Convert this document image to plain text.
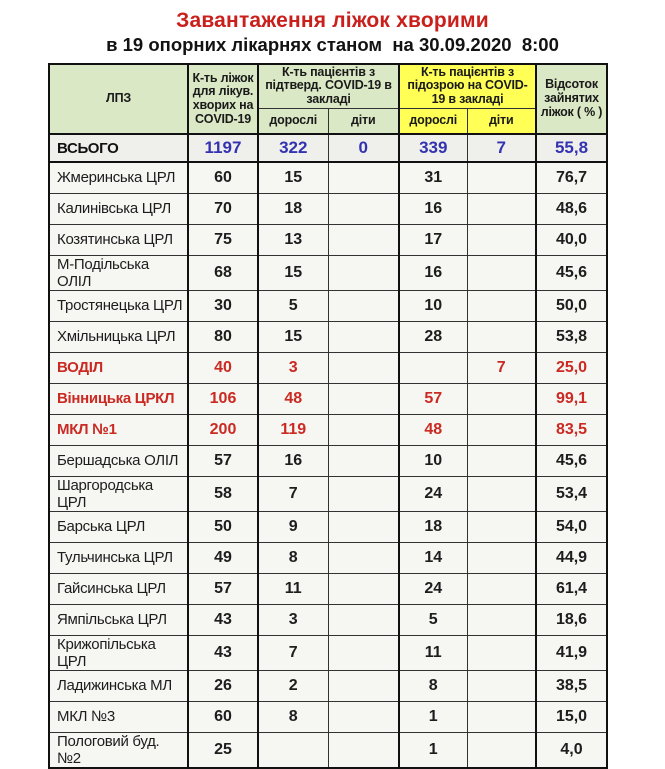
Завантаження ліжок хворими
в 19 опорних лікарнях станом  на 30.09.2020  8:00
ЛПЗ	К-ть ліжок для лікув. хворих на COVID-19	К-ть пацієнтів з підтверд. COVID-19 в закладі		К-ть пацієнтів з підозрою на COVID-19 в закладі		Відсоток зайнятих ліжок ( % )
		дорослі	діти	дорослі	діти	
ВСЬОГО	1197	322	0	339	7	55,8
Жмеринська ЦРЛ	60	15		31		76,7
Калинівська ЦРЛ	70	18		16		48,6
Козятинська ЦРЛ	75	13		17		40,0
М-Подільська ОЛІЛ	68	15		16		45,6
Тростянецька ЦРЛ	30	5		10		50,0
Хмільницька ЦРЛ	80	15		28		53,8
ВОДІЛ	40	3			7	25,0
Вінницька ЦРКЛ	106	48		57		99,1
МКЛ №1	200	119		48		83,5
Бершадська ОЛІЛ	57	16		10		45,6
Шаргородська ЦРЛ	58	7		24		53,4
Барська ЦРЛ	50	9		18		54,0
Тульчинська ЦРЛ	49	8		14		44,9
Гайсинська ЦРЛ	57	11		24		61,4
Ямпільська ЦРЛ	43	3		5		18,6
Крижопільська ЦРЛ	43	7		11		41,9
Ладижинська МЛ	26	2		8		38,5
МКЛ №3	60	8		1		15,0
Пологовий буд. №2	25			1		4,0
